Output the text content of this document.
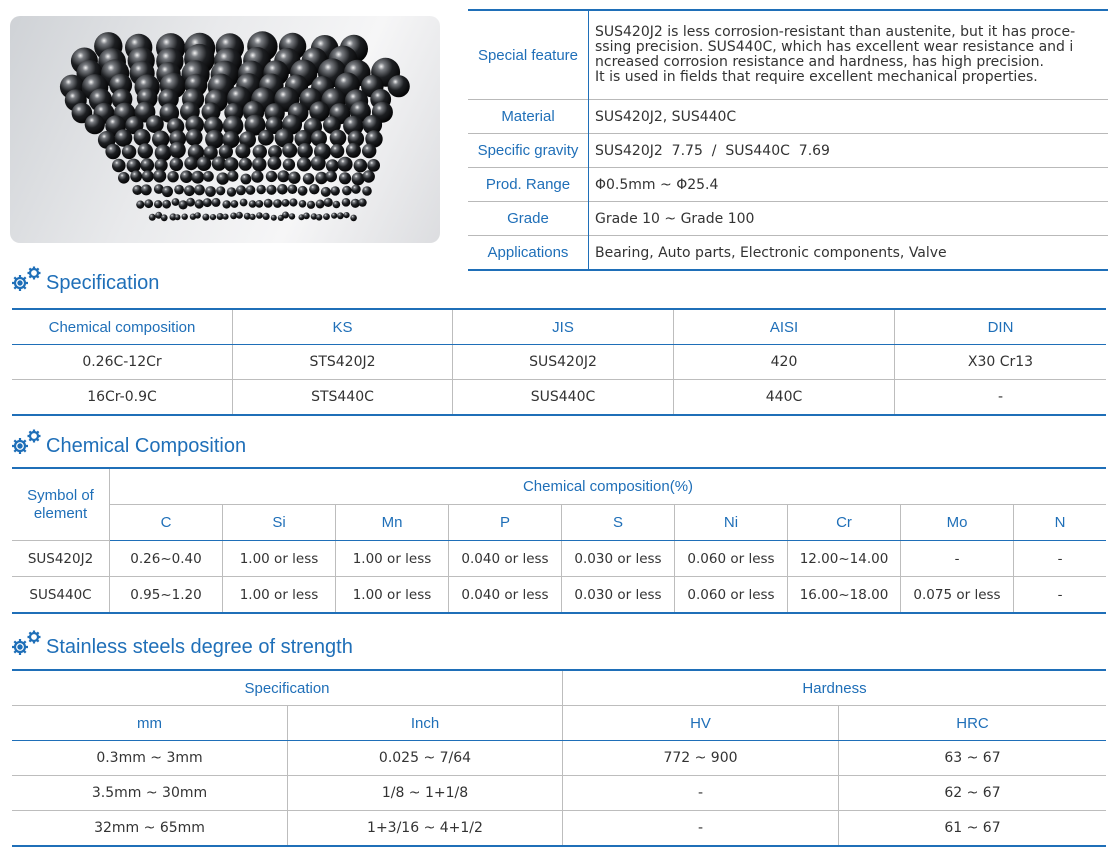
Special feature	SUS420J2 is less corrosion-resistant than austenite, but it has proce-
ssing precision. SUS440C, which has excellent wear resistance and i
ncreased corrosion resistance and hardness, has high precision.
It is used in fields that require excellent mechanical properties.

Material	SUS420J2, SUS440C
Specific gravity	SUS420J2  7.75  /  SUS440C  7.69
Prod. Range	Φ0.5mm ~ Φ25.4
Grade	Grade 10 ~ Grade 100
Applications	Bearing, Auto parts, Electronic components, Valve
Specification
Chemical composition	KS	JIS	AISI	DIN
0.26C-12Cr	STS420J2	SUS420J2	420	X30 Cr13
16Cr-0.9C	STS440C	SUS440C	440C	-
Chemical Composition
Symbol of element	Chemical composition(%)								
	C	Si	Mn	P	S	Ni	Cr	Mo	N
SUS420J2	0.26~0.40	1.00 or less	1.00 or less	0.040 or less	0.030 or less	0.060 or less	12.00~14.00	-	-
SUS440C	0.95~1.20	1.00 or less	1.00 or less	0.040 or less	0.030 or less	0.060 or less	16.00~18.00	0.075 or less	-
Stainless steels degree of strength
Specification		Hardness	
mm	Inch	HV	HRC
0.3mm ~ 3mm	0.025 ~ 7/64	772 ~ 900	63 ~ 67
3.5mm ~ 30mm	1/8 ~ 1+1/8	-	62 ~ 67
32mm ~ 65mm	1+3/16 ~ 4+1/2	-	61 ~ 67
